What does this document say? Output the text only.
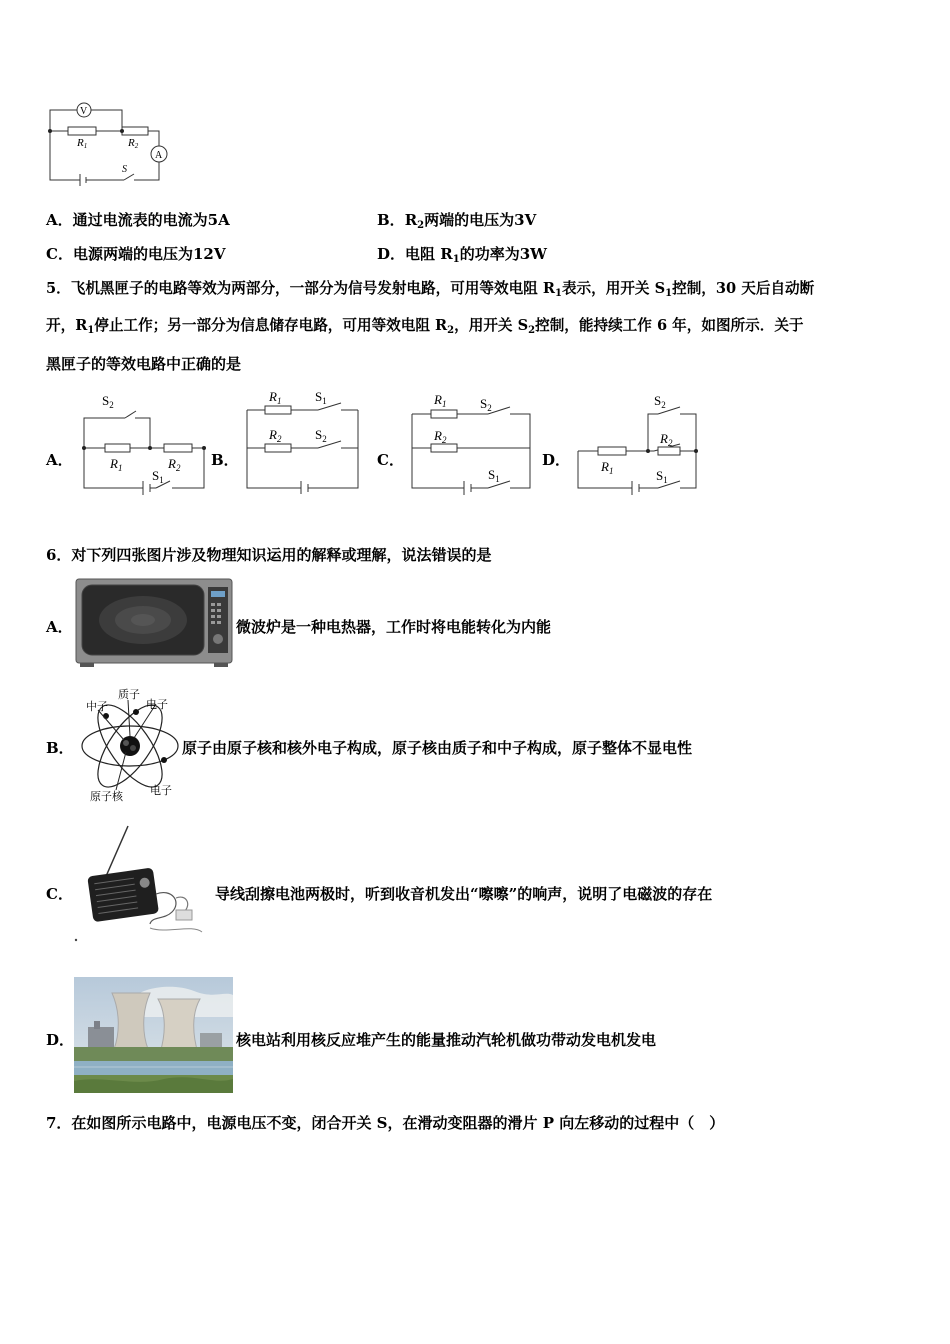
V
A
R1	R2
S
A．通过电流表的电流为5A	B．$R_2$两端的电压为3V
C．电源两端的电压为12V	D．电阻 $R_1$的功率为3W
5．飞机黑匣子的电路等效为两部分，一部分为信号发射电路，可用等效电阻 $R_1$表示，用开关 $S_1$控制，30 天后自动断
开，$R_1$停止工作；另一部分为信息储存电路，可用等效电阻 $R_2$，用开关 $S_2$控制，能持续工作 6 年，如图所示．关于
黑匣子的等效电路中正确的是
A．	B．	C．	D．
$S_2$
$R_1$	$R_2$
$S_1$
$R_1$	$S_1$
$R_2$	$S_2$
$R_1$	$S_2$
$R_2$
$S_1$
$S_2$
$R_2$
$R_1$	$S_1$
6．对下列四张图片涉及物理知识运用的解释或理解，说法错误的是
A．	微波炉是一种电热器，工作时将电能转化为内能
B．
中子
质子
电子
原子核 电子
原子由原子核和核外电子构成，原子核由质子和中子构成，原子整体不显电性
C．	导线刮擦电池两极时，听到收音机发出“嚓嚓”的响声，说明了电磁波的存在
D．	核电站利用核反应堆产生的能量推动汽轮机做功带动发电机发电
7．在如图所示电路中，电源电压不变，闭合开关 S，在滑动变阻器的滑片 P 向左移动的过程中（　）
